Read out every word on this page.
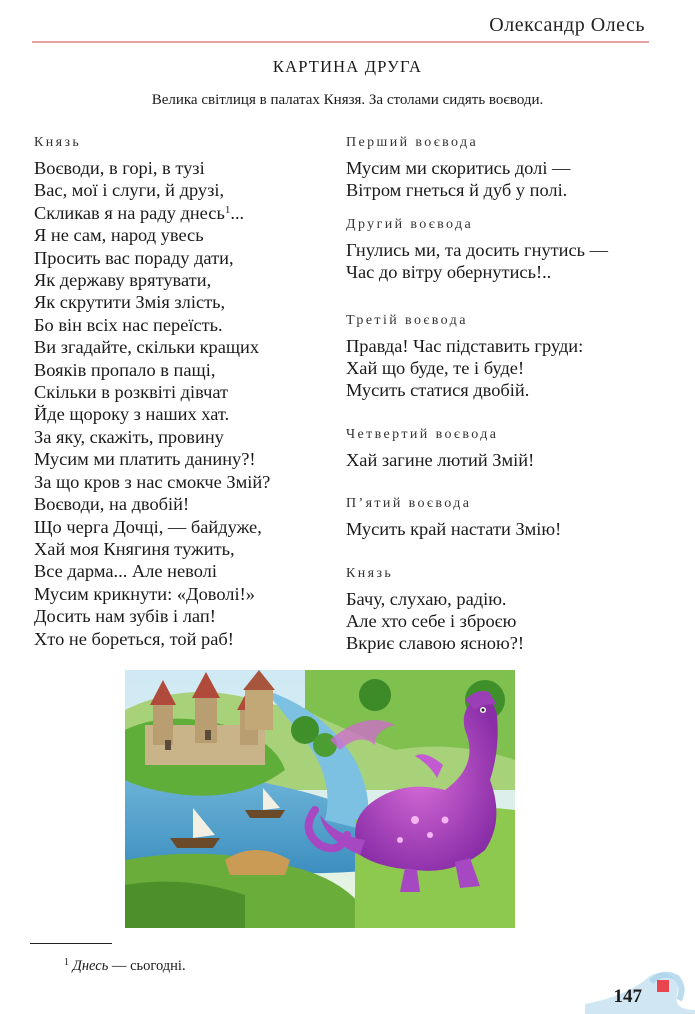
Олександр Олесь
КАРТИНА ДРУГА
Велика світлиця в палатах Князя. За столами сидять воєводи.
Князь
Воєводи, в горі, в тузі
Вас, мої і слуги, й друзі,
Скликав я на раду днесь$^1$...
Я не сам, народ увесь
Просить вас пораду дати,
Як державу врятувати,
Як скрутити Змія злість,
Бо він всіх нас переїсть.
Ви згадайте, скільки кращих
Вояків пропало в пащі,
Скільки в розквіті дівчат
Йде щороку з наших хат.
За яку, скажіть, провину
Мусим ми платить данину?!
За що кров з нас смокче Змій?
Воєводи, на двобій!
Що черга Дочці, — байдуже,
Хай моя Княгиня тужить,
Все дарма... Але неволі
Мусим крикнути: «Доволі!»
Досить нам зубів і лап!
Хто не бореться, той раб!
Перший воєвода
Мусим ми скоритись долі —
Вітром гнеться й дуб у полі.
Другий воєвода
Гнулись ми, та досить гнутись —
Час до вітру обернутись!..
Третій воєвода
Правда! Час підставить груди:
Хай що буде, те і буде!
Мусить статися двобій.
Четвертий воєвода
Хай загине лютий Змій!
П’ятий воєвода
Мусить край настати Змію!
Князь
Бачу, слухаю, радію.
Але хто себе і зброєю
Вкриє славою ясною?!
$^1$ Днесь — сьогодні.
147
